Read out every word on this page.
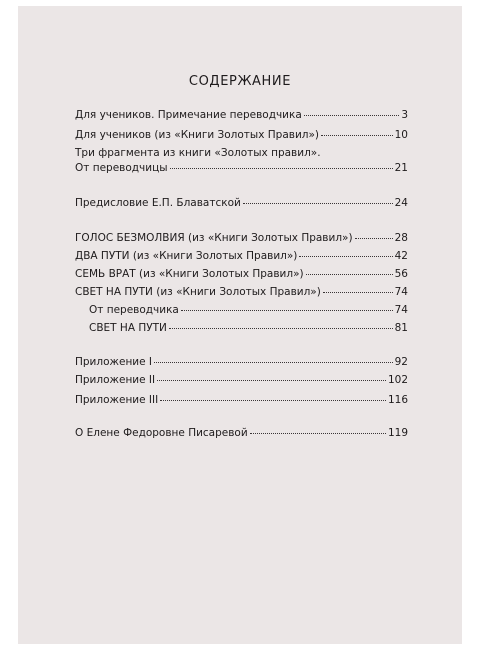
СОДЕРЖАНИЕ
Для учеников. Примечание переводчика	3
Для учеников (из «Книги Золотых Правил»)	10
Три фрагмента из книги «Золотых правил».
От переводчицы	21
Предисловие Е.П. Блаватской	24
ГОЛОС БЕЗМОЛВИЯ (из «Книги Золотых Правил»)	28
ДВА ПУТИ (из «Книги Золотых Правил»)	42
СЕМЬ ВРАТ (из «Книги Золотых Правил»)	56
СВЕТ НА ПУТИ (из «Книги Золотых Правил»)	74
От переводчика	74
СВЕТ НА ПУТИ	81
Приложение I	92
Приложение II	102
Приложение III	116
О Елене Федоровне Писаревой	119
